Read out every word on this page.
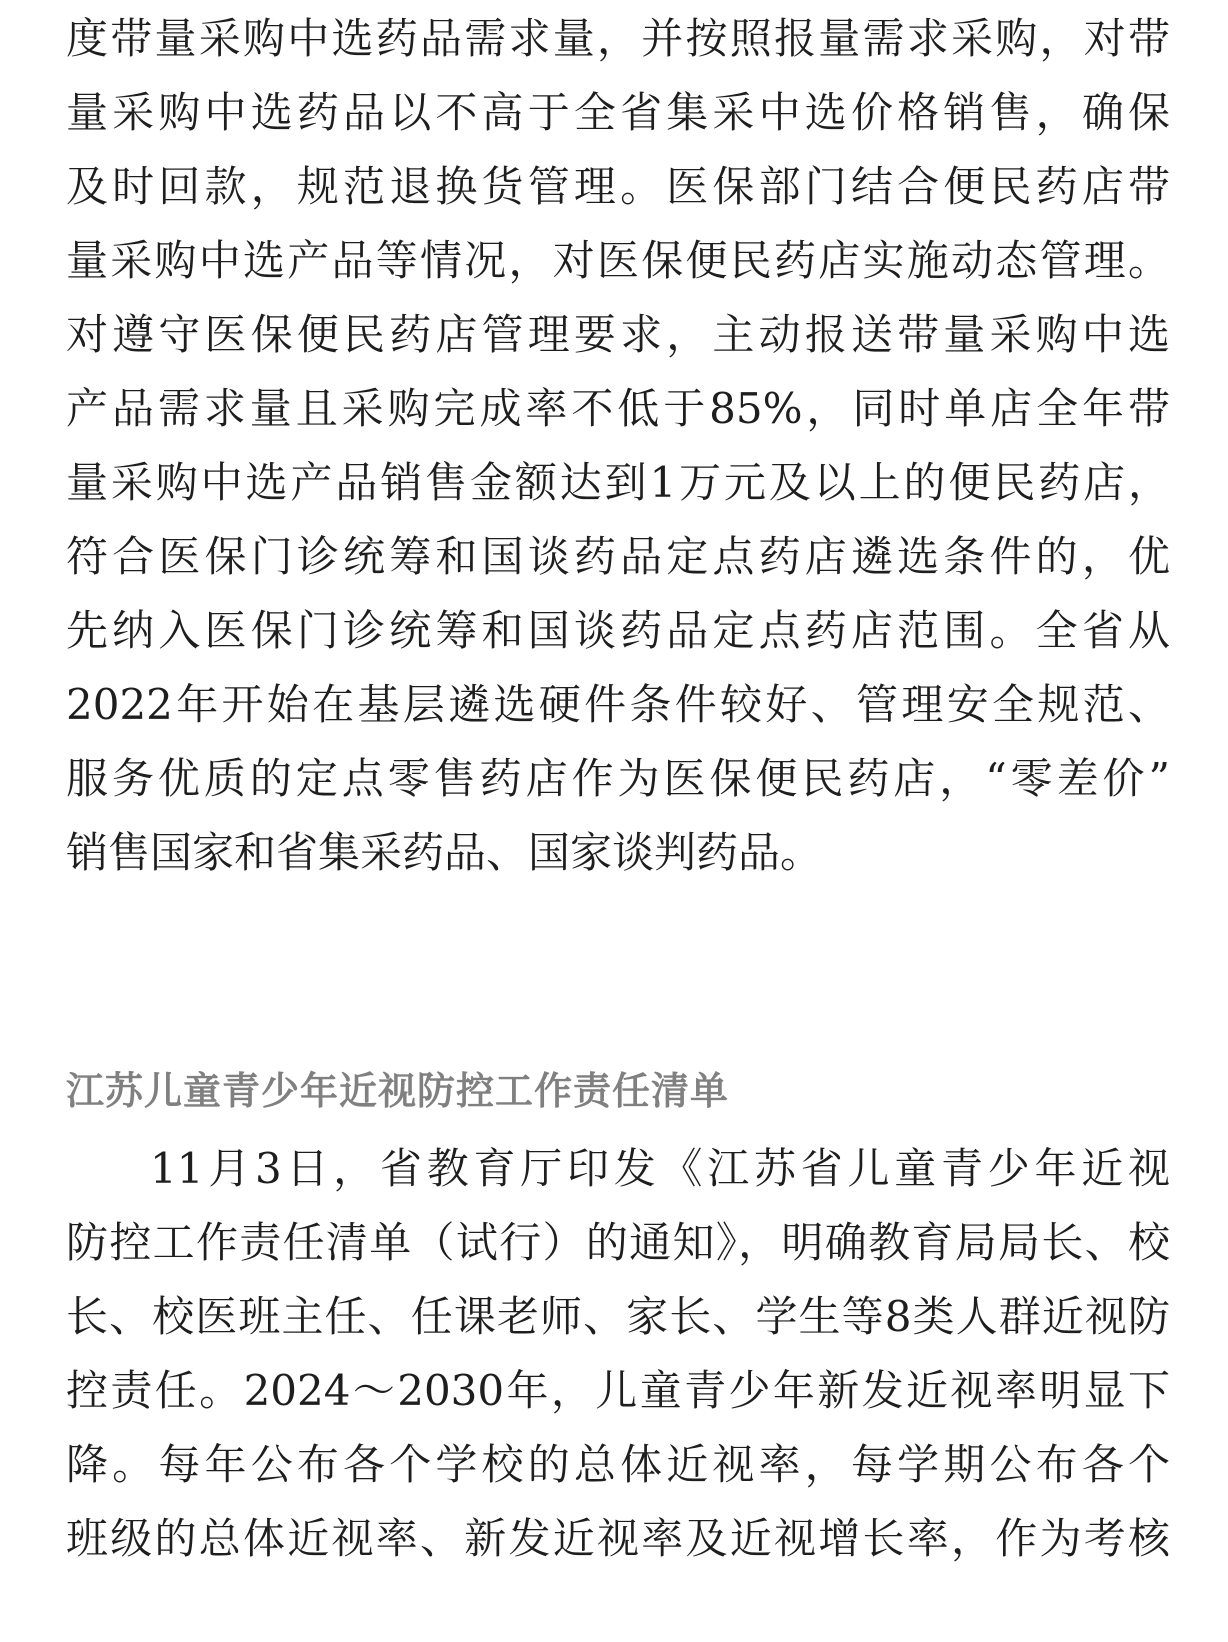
度带量采购中选药品需求量，并按照报量需求采购，对带
量采购中选药品以不高于全省集采中选价格销售，确保
及时回款，规范退换货管理。医保部门结合便民药店带
量采购中选产品等情况，对医保便民药店实施动态管理。
对遵守医保便民药店管理要求，主动报送带量采购中选
产品需求量且采购完成率不低于85%，同时单店全年带
量采购中选产品销售金额达到1万元及以上的便民药店，
符合医保门诊统筹和国谈药品定点药店遴选条件的，优
先纳入医保门诊统筹和国谈药品定点药店范围。全省从
2022年开始在基层遴选硬件条件较好、管理安全规范、
服务优质的定点零售药店作为医保便民药店，“零差价”
销售国家和省集采药品、国家谈判药品。
江苏儿童青少年近视防控工作责任清单
11月3日，省教育厅印发《江苏省儿童青少年近视
防控工作责任清单（试行）的通知》，明确教育局局长、校
长、校医班主任、任课老师、家长、学生等8类人群近视防
控责任。2024～2030年，儿童青少年新发近视率明显下
降。每年公布各个学校的总体近视率，每学期公布各个
班级的总体近视率、新发近视率及近视增长率，作为考核
